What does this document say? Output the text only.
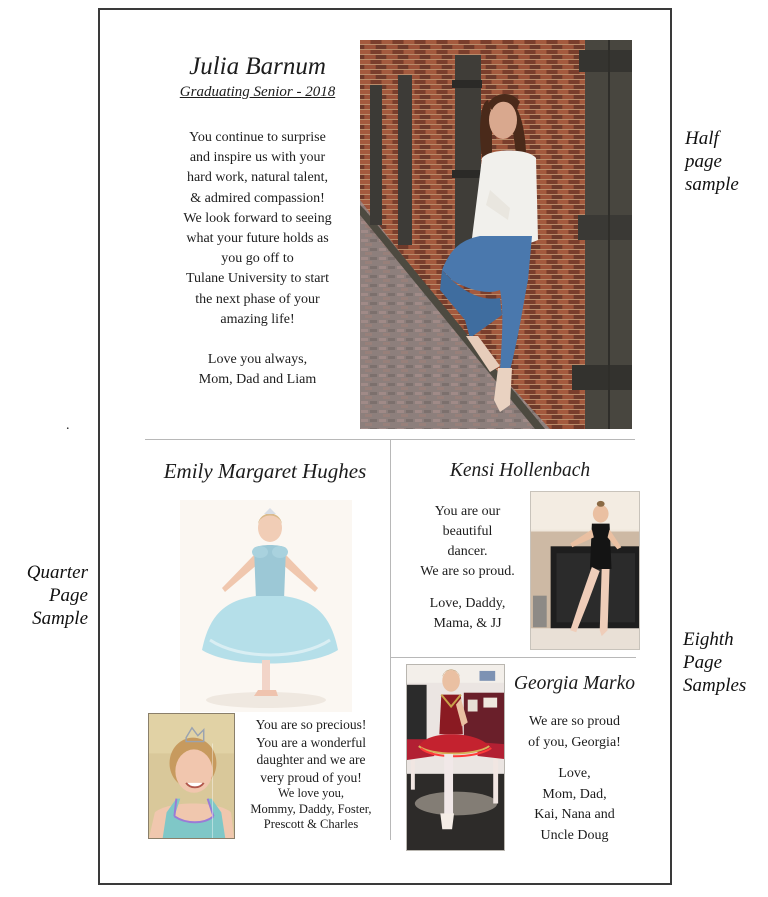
Half
page
sample
.
Quarter
Page
Sample
Eighth
Page
Samples
Julia Barnum
Graduating Senior - 2018
You continue to surprise
and inspire us with your
hard work, natural talent,
& admired compassion!
We look forward to seeing
what your future holds as
you go off to
Tulane University to start
the next phase of your
amazing life!
Love you always,
Mom, Dad and Liam
Emily Margaret Hughes
You are so precious!
You are a wonderful
daughter and we are
very proud of you!
We love you,
Mommy, Daddy, Foster,
Prescott & Charles
Kensi Hollenbach
You are our
beautiful
dancer.
We are so proud.
Love, Daddy,
Mama, & JJ
Georgia Marko
We are so proud
of you, Georgia!
Love,
Mom, Dad,
Kai, Nana and
Uncle Doug
